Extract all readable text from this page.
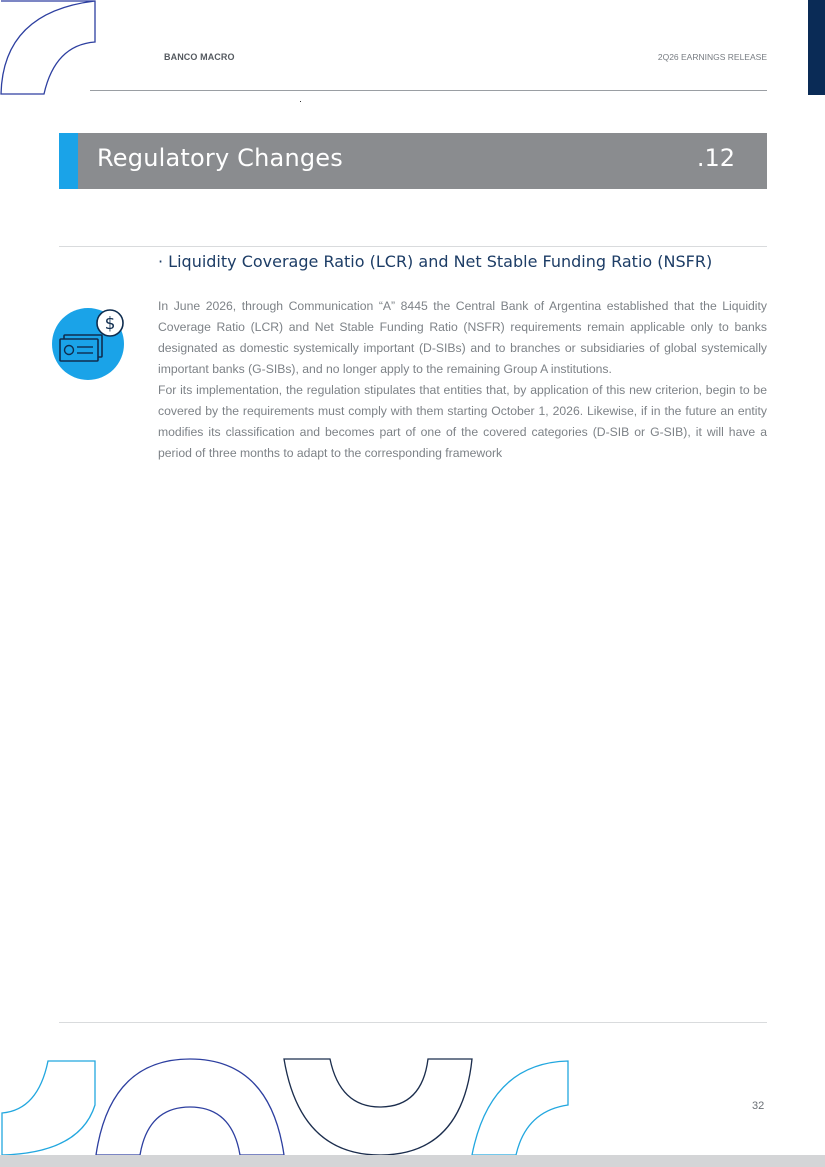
BANCO MACRO	2Q26 EARNINGS RELEASE
Regulatory Changes	.12
· Liquidity Coverage Ratio (LCR) and Net Stable Funding Ratio (NSFR)
$

In June 2026, through Communication “A” 8445 the Central Bank of Argentina established that the Liquidity Coverage Ratio (LCR) and Net Stable Funding Ratio (NSFR) requirements remain applicable only to banks designated as domestic systemically important (D-SIBs) and to branches or subsidiaries of global systemically important banks (G-SIBs), and no longer apply to the remaining Group A institutions.

For its implementation, the regulation stipulates that entities that, by application of this new criterion, begin to be covered by the requirements must comply with them starting October 1, 2026. Likewise, if in the future an entity modifies its classification and becomes part of one of the covered categories (D-SIB or G-SIB), it will have a period of three months to adapt to the corresponding framework

32
